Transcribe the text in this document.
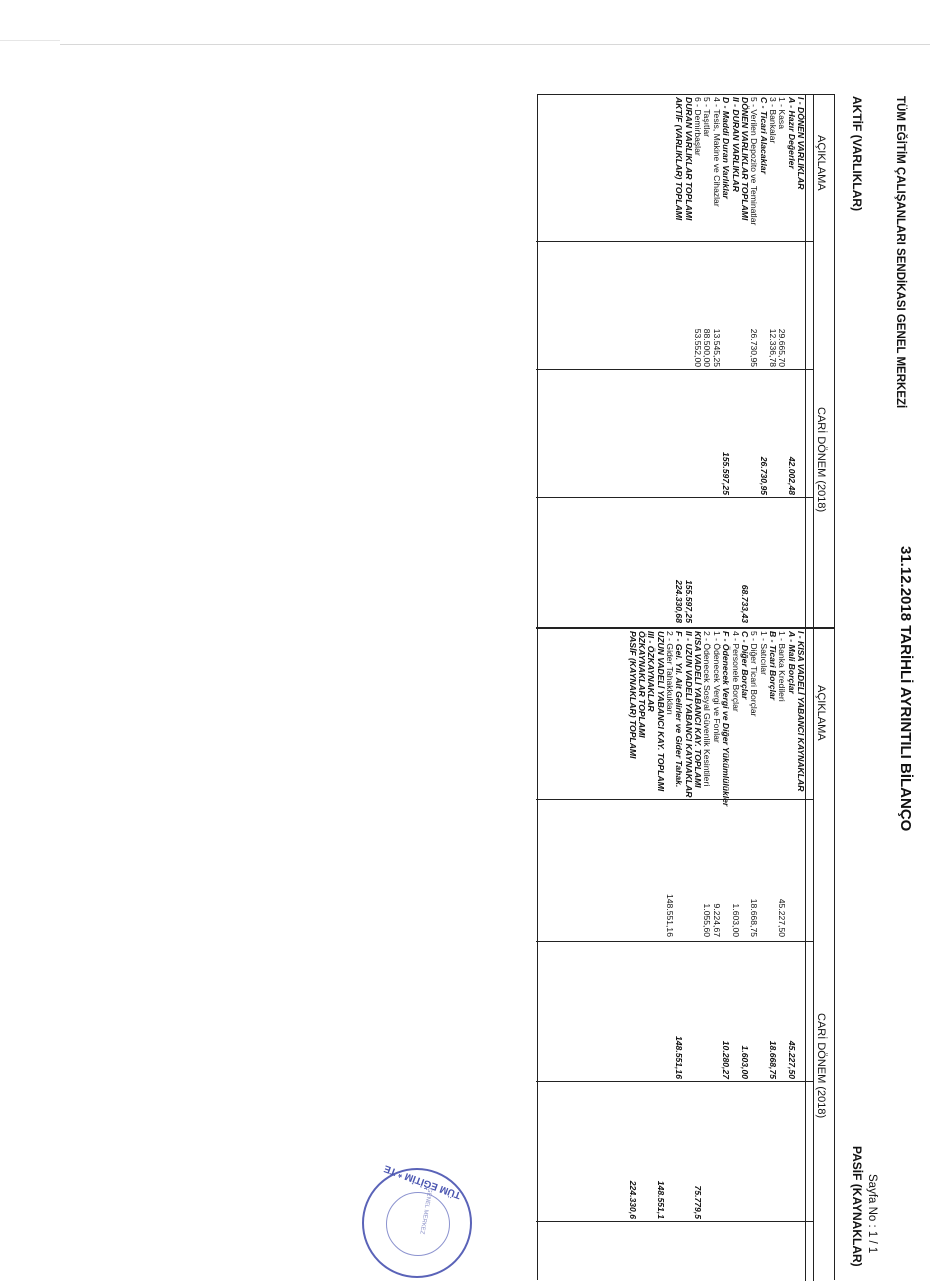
TÜM EĞİTİM ÇALIŞANLARI SENDİKASI GENEL MERKEZİ
31.12.2018 TARİHLİ AYRINTILI BİLANÇO
Sayfa No : 1 / 1
AKTİF (VARLIKLAR)
PASİF (KAYNAKLAR)
AÇIKLAMA
CARİ DÖNEM (2018)
AÇIKLAMA
CARİ DÖNEM (2018)
I - DÖNEN VARLIKLAR
A - Hazır Değerler
42.002,48
1 - Kasa
29.665,70
3 - Bankalar
12.336,78
C - Ticari Alacaklar
26.730,95
5 - Verilen Depozito ve Teminatlar
26.730,95
DÖNEN VARLIKLAR TOPLAMI
68.733,43
II - DURAN VARLIKLAR
D - Maddi Duran Varlıklar
155.597,25
4 - Tesis, Makine ve Cihazlar
13.545,25
5 - Taşıtlar
88.500,00
6 - Demirbaşlar
53.552,00
DURAN VARLIKLAR TOPLAMI
155.597,25
AKTİF (VARLIKLAR) TOPLAMI
224.330,68
I - KISA VADELİ YABANCI KAYNAKLAR
A - Mali Borçlar
45.227,50
1 - Banka Kredileri
45.227,50
B - Ticari Borçlar
18.668,75
1 - Satıcılar
5 - Diğer Ticari Borçlar
18.668,75
C - Diğer Borçlar
1.603,00
4 - Personele Borçlar
1.603,00
F - Ödenecek Vergi ve Diğer Yükümlülükler
10.280,27
1 - Ödenecek Vergi ve Fonlar
9.224,67
2 - Ödenecek Sosyal Güvenlik Kesintileri
1.055,60
KISA VADELİ YABANCI KAY. TOPLAMI
75.779,5
II - UZUN VADELİ YABANCI KAYNAKLAR
F - Gel. Yıl. Ait Gelirler ve Gider Tahak.
148.551,16
2 - Gider Tahakkukları
148.551,16
UZUN VADELİ YABANCI KAY. TOPLAMI
148.551,1
III - ÖZKAYNAKLAR
ÖZKAYNAKLAR TOPLAMI
PASİF (KAYNAKLAR) TOPLAMI
224.330,6
TÜM EĞİTİM * TE
GENEL MERKEZ
